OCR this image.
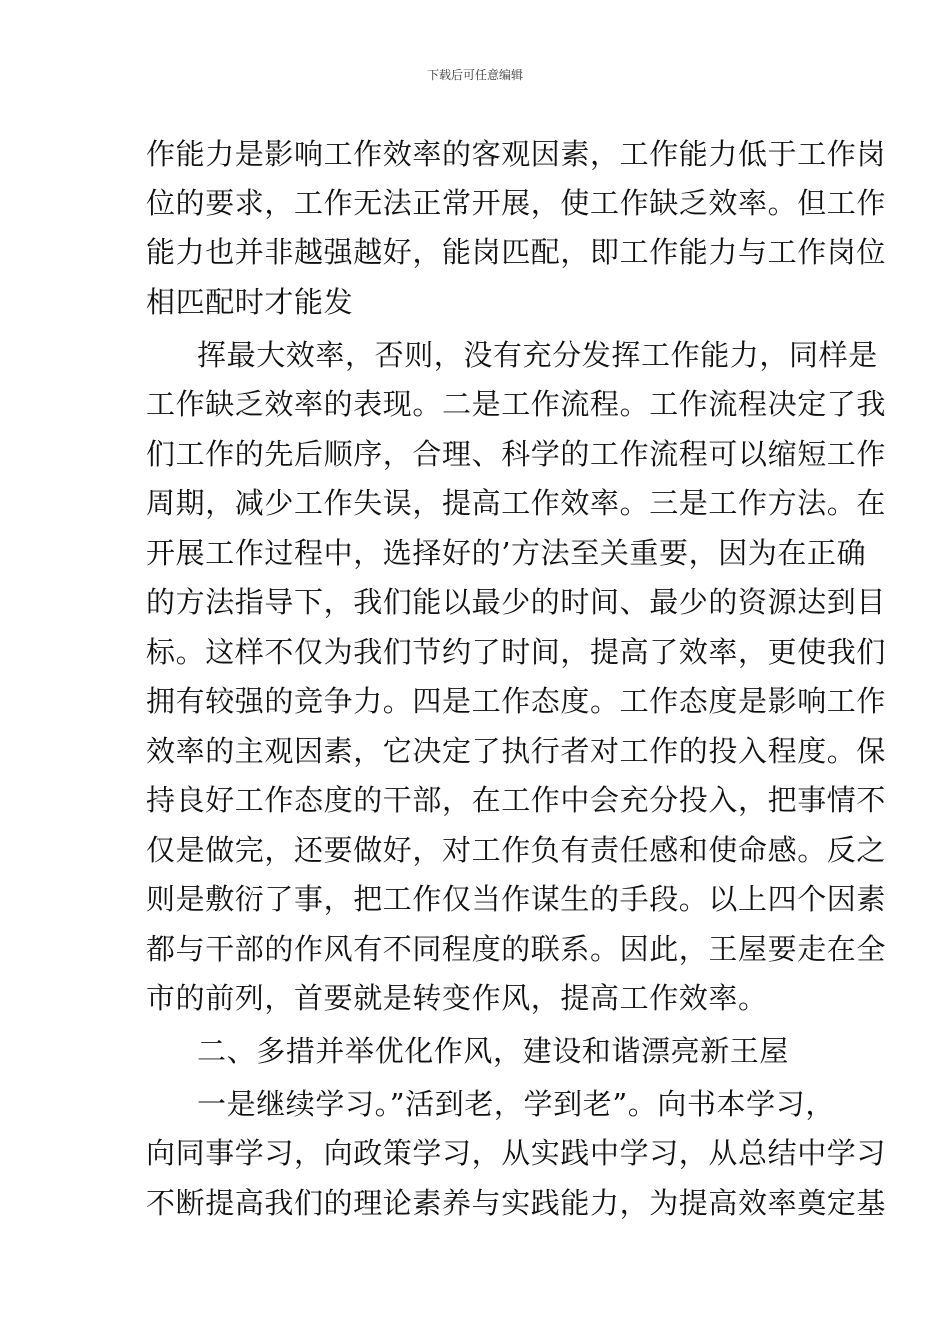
下载后可任意编辑
作能力是影响工作效率的客观因素，工作能力低于工作岗
位的要求，工作无法正常开展，使工作缺乏效率。但工作
能力也并非越强越好，能岗匹配，即工作能力与工作岗位
相匹配时才能发
挥最大效率，否则，没有充分发挥工作能力，同样是
工作缺乏效率的表现。二是工作流程。工作流程决定了我
们工作的先后顺序，合理、科学的工作流程可以缩短工作
周期，减少工作失误，提高工作效率。三是工作方法。在
开展工作过程中，选择好的’方法至关重要，因为在正确
的方法指导下，我们能以最少的时间、最少的资源达到目
标。这样不仅为我们节约了时间，提高了效率，更使我们
拥有较强的竞争力。四是工作态度。工作态度是影响工作
效率的主观因素，它决定了执行者对工作的投入程度。保
持良好工作态度的干部，在工作中会充分投入，把事情不
仅是做完，还要做好，对工作负有责任感和使命感。反之
则是敷衍了事，把工作仅当作谋生的手段。以上四个因素
都与干部的作风有不同程度的联系。因此，王屋要走在全
市的前列，首要就是转变作风，提高工作效率。
二、多措并举优化作风，建设和谐漂亮新王屋
一是继续学习。”活到老，学到老”。向书本学习，
向同事学习，向政策学习，从实践中学习，从总结中学习
不断提高我们的理论素养与实践能力，为提高效率奠定基
